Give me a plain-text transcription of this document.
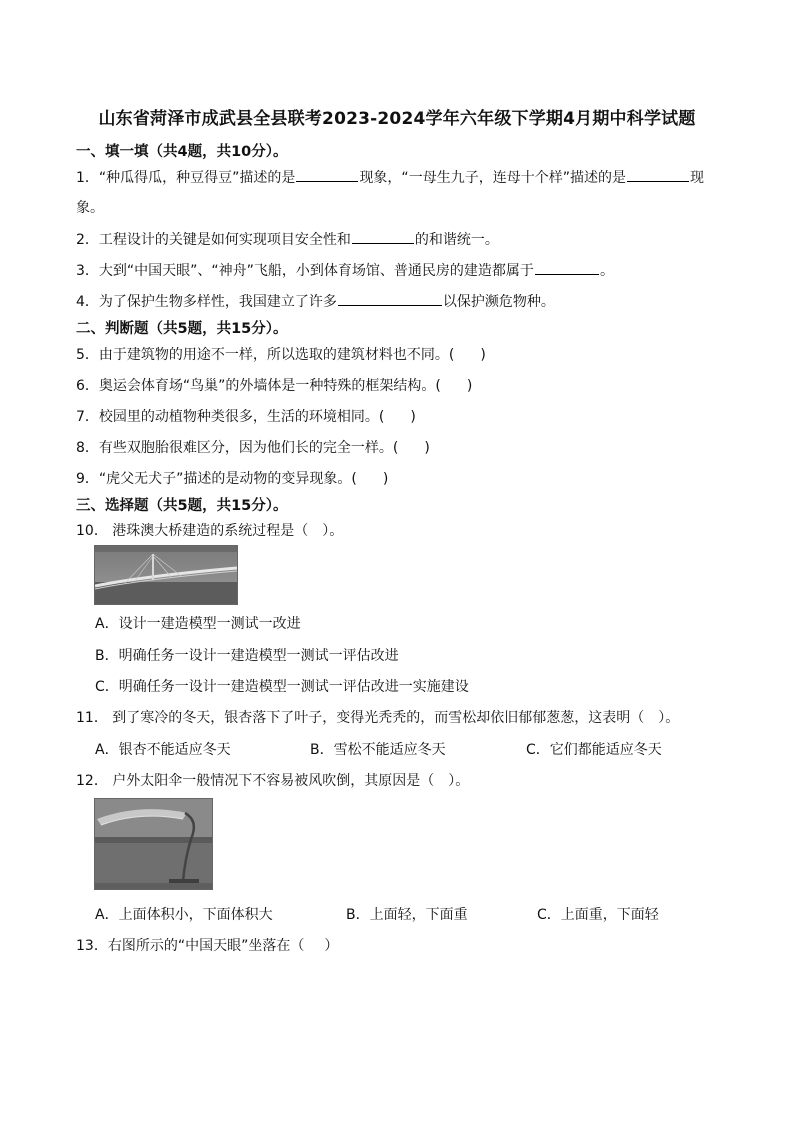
山东省菏泽市成武县全县联考2023-2024学年六年级下学期4月期中科学试题
一、填一填（共4题，共10分）。
1．“种瓜得瓜，种豆得豆”描述的是	现象，“一母生九子，连母十个样”描述的是	现
象。
2．工程设计的关键是如何实现项目安全性和	的和谐统一。
3．大到“中国天眼”、“神舟”飞船，小到体育场馆、普通民房的建造都属于	。
4．为了保护生物多样性，我国建立了许多	以保护濒危物种。
二、判断题（共5题，共15分）。
5．由于建筑物的用途不一样，所以选取的建筑材料也不同。( )
6．奥运会体育场“鸟巢”的外墙体是一种特殊的框架结构。( )
7．校园里的动植物种类很多，生活的环境相同。( )
8．有些双胞胎很难区分，因为他们长的完全一样。( )
9．“虎父无犬子”描述的是动物的变异现象。( )
三、选择题（共5题，共15分）。
10． 港珠澳大桥建造的系统过程是（ ）。
A．设计一建造模型一测试一改进
B．明确任务一设计一建造模型一测试一评估改进
C．明确任务一设计一建造模型一测试一评估改进一实施建设
11． 到了寒冷的冬天，银杏落下了叶子，变得光秃秃的，而雪松却依旧郁郁葱葱，这表明（ ）。
A．银杏不能适应冬天	B．雪松不能适应冬天	C．它们都能适应冬天
12． 户外太阳伞一般情况下不容易被风吹倒，其原因是（ ）。
A．上面体积小，下面体积大	B．上面轻，下面重	C．上面重，下面轻
13．右图所示的“中国天眼”坐落在（ ）
